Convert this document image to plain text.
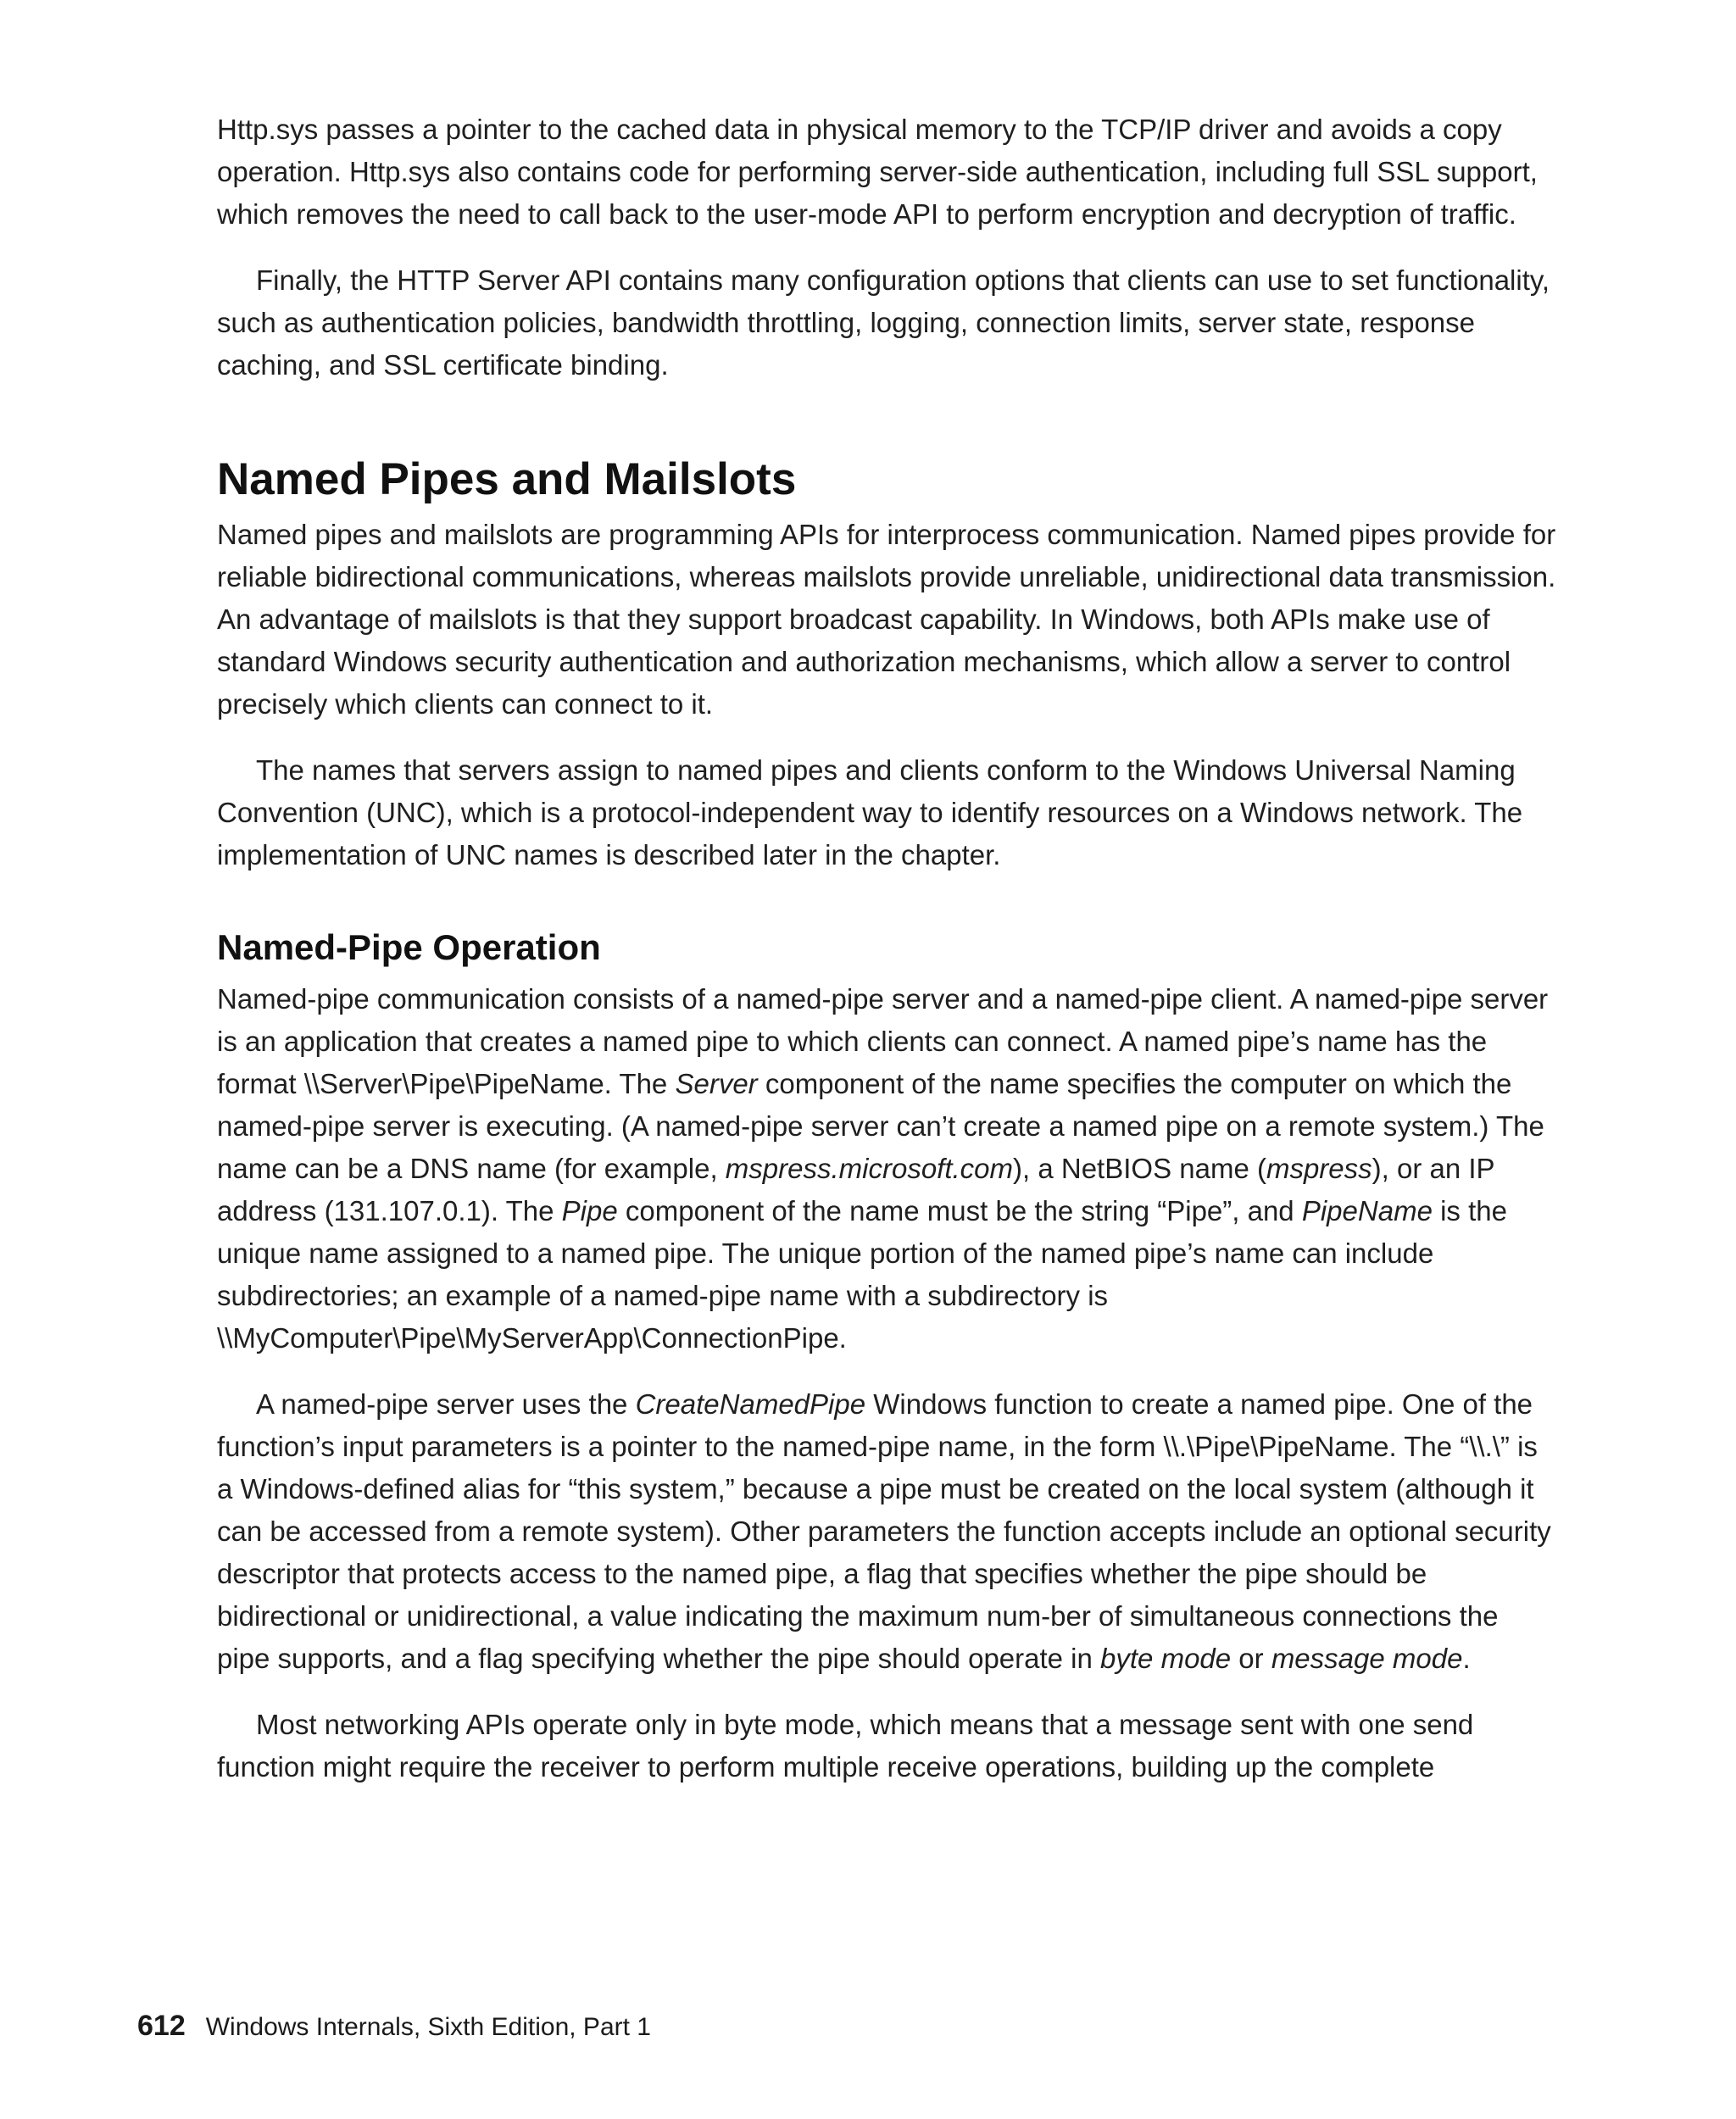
Http.sys passes a pointer to the cached data in physical memory to the TCP/IP driver and avoids a copy operation. Http.sys also contains code for performing server-side authentication, including full SSL support, which removes the need to call back to the user-mode API to perform encryption and decryption of traffic.

Finally, the HTTP Server API contains many configuration options that clients can use to set functionality, such as authentication policies, bandwidth throttling, logging, connection limits, server state, response caching, and SSL certificate binding.

Named Pipes and Mailslots

Named pipes and mailslots are programming APIs for interprocess communication. Named pipes provide for reliable bidirectional communications, whereas mailslots provide unreliable, unidirectional data transmission. An advantage of mailslots is that they support broadcast capability. In Windows, both APIs make use of standard Windows security authentication and authorization mechanisms, which allow a server to control precisely which clients can connect to it.

The names that servers assign to named pipes and clients conform to the Windows Universal Naming Convention (UNC), which is a protocol-independent way to identify resources on a Windows network. The implementation of UNC names is described later in the chapter.

Named-Pipe Operation

Named-pipe communication consists of a named-pipe server and a named-pipe client. A named-pipe server is an application that creates a named pipe to which clients can connect. A named pipe’s name has the format \\Server\Pipe\PipeName. The Server component of the name specifies the computer on which the named-pipe server is executing. (A named-pipe server can’t create a named pipe on a remote system.) The name can be a DNS name (for example, mspress.microsoft.com), a NetBIOS name (mspress), or an IP address (131.107.0.1). The Pipe component of the name must be the string “Pipe”, and PipeName is the unique name assigned to a named pipe. The unique portion of the named pipe’s name can include subdirectories; an example of a named-pipe name with a subdirectory is \\MyComputer\Pipe\MyServerApp\ConnectionPipe.

A named-pipe server uses the CreateNamedPipe Windows function to create a named pipe. One of the function’s input parameters is a pointer to the named-pipe name, in the form \\.\Pipe\PipeName. The “\\.\” is a Windows-defined alias for “this system,” because a pipe must be created on the local system (although it can be accessed from a remote system). Other parameters the function accepts include an optional security descriptor that protects access to the named pipe, a flag that specifies whether the pipe should be bidirectional or unidirectional, a value indicating the maximum num-ber of simultaneous connections the pipe supports, and a flag specifying whether the pipe should operate in byte mode or message mode.

Most networking APIs operate only in byte mode, which means that a message sent with one send function might require the receiver to perform multiple receive operations, building up the complete

612 Windows Internals, Sixth Edition, Part 1
